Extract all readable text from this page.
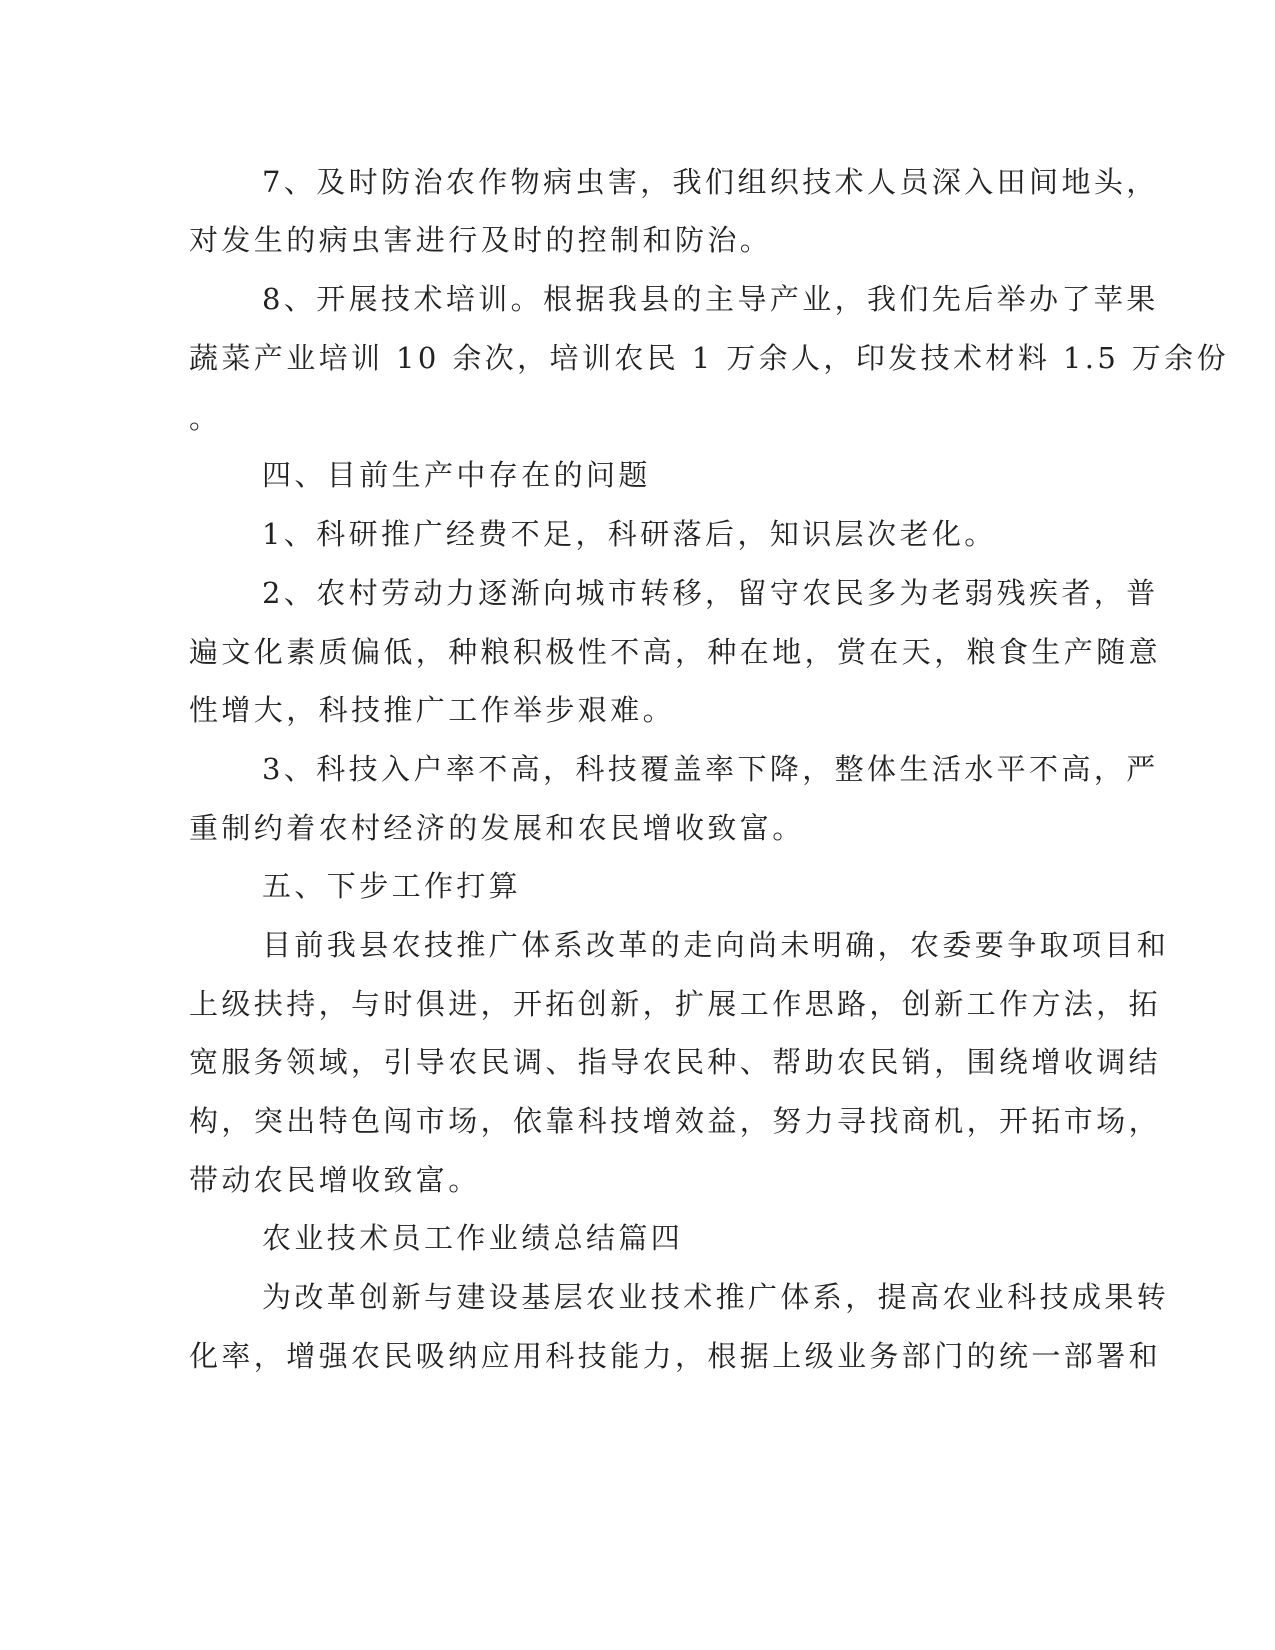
7、及时防治农作物病虫害，我们组织技术人员深入田间地头，
对发生的病虫害进行及时的控制和防治。
8、开展技术培训。根据我县的主导产业，我们先后举办了苹果
蔬菜产业培训 10 余次，培训农民 1 万余人，印发技术材料 1.5 万余份
。
四、目前生产中存在的问题
1、科研推广经费不足，科研落后，知识层次老化。
2、农村劳动力逐渐向城市转移，留守农民多为老弱残疾者，普
遍文化素质偏低，种粮积极性不高，种在地，赏在天，粮食生产随意
性增大，科技推广工作举步艰难。
3、科技入户率不高，科技覆盖率下降，整体生活水平不高，严
重制约着农村经济的发展和农民增收致富。
五、下步工作打算
目前我县农技推广体系改革的走向尚未明确，农委要争取项目和
上级扶持，与时俱进，开拓创新，扩展工作思路，创新工作方法，拓
宽服务领域，引导农民调、指导农民种、帮助农民销，围绕增收调结
构，突出特色闯市场，依靠科技增效益，努力寻找商机，开拓市场，
带动农民增收致富。
农业技术员工作业绩总结篇四
为改革创新与建设基层农业技术推广体系，提高农业科技成果转
化率，增强农民吸纳应用科技能力，根据上级业务部门的统一部署和
